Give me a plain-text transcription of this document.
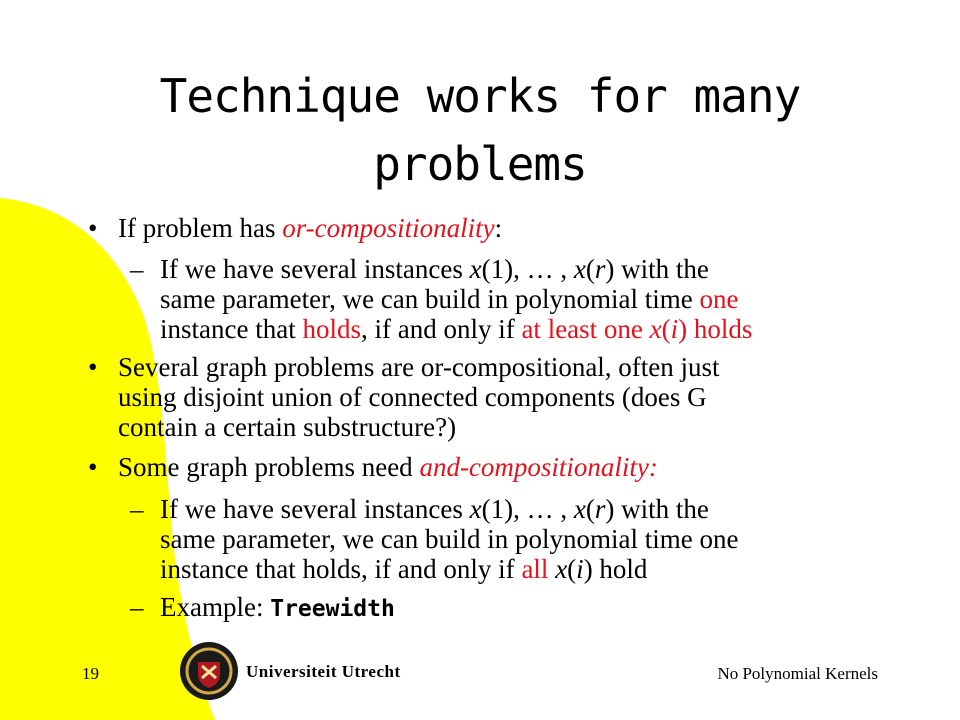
Technique works for many
problems
• If problem has or-compositionality:
– If we have several instances x(1), … , x(r) with the
same parameter, we can build in polynomial time one
instance that holds, if and only if at least one x(i) holds
• Several graph problems are or-compositional, often just
using disjoint union of connected components (does G
contain a certain substructure?)
• Some graph problems need and-compositionality:
– If we have several instances x(1), … , x(r) with the
same parameter, we can build in polynomial time one
instance that holds, if and only if all x(i) hold
– Example: Treewidth
19	Universiteit Utrecht	No Polynomial Kernels
